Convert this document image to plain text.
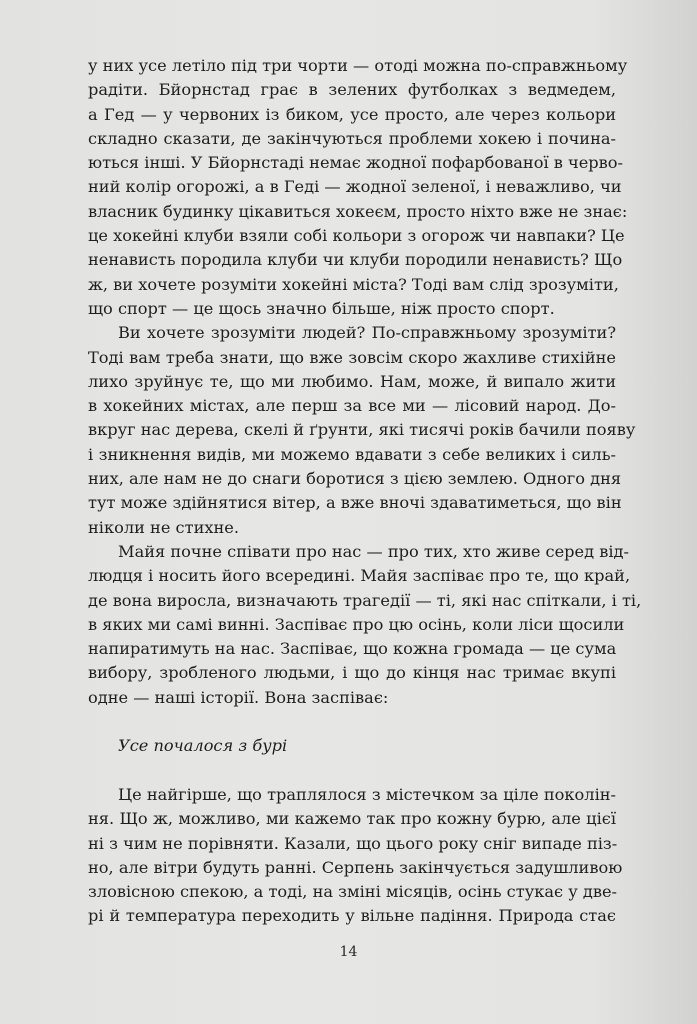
у них усе летіло під три чорти — отоді можна по-справжньому
радіти. Бйорнстад грає в зелених футболках з ведмедем,
а Гед — у червоних із биком, усе просто, але через кольори
складно сказати, де закінчуються проблеми хокею і почина-
ються інші. У Бйорнстаді немає жодної пофарбованої в черво-
ний колір огорожі, а в Геді — жодної зеленої, і неважливо, чи
власник будинку цікавиться хокеєм, просто ніхто вже не знає:
це хокейні клуби взяли собі кольори з огорож чи навпаки? Це
ненависть породила клуби чи клуби породили ненависть? Що
ж, ви хочете розуміти хокейні міста? Тоді вам слід зрозуміти,
що спорт — це щось значно більше, ніж просто спорт.
Ви хочете зрозуміти людей? По-справжньому зрозуміти?
Тоді вам треба знати, що вже зовсім скоро жахливе стихійне
лихо зруйнує те, що ми любимо. Нам, може, й випало жити
в хокейних містах, але перш за все ми — лісовий народ. До-
вкруг нас дерева, скелі й ґрунти, які тисячі років бачили появу
і зникнення видів, ми можемо вдавати з себе великих і силь-
них, але нам не до снаги боротися з цією землею. Одного дня
тут може здійнятися вітер, а вже вночі здаватиметься, що він
ніколи не стихне.
Майя почне співати про нас — про тих, хто живе серед від-
людця і носить його всередині. Майя заспіває про те, що край,
де вона виросла, визначають трагедії — ті, які нас спіткали, і ті,
в яких ми самі винні. Заспіває про цю осінь, коли ліси щосили
напиратимуть на нас. Заспіває, що кожна громада — це сума
вибору, зробленого людьми, і що до кінця нас тримає вкупі
одне — наші історії. Вона заспіває:
Усе почалося з бурі
Це найгірше, що траплялося з містечком за ціле поколін-
ня. Що ж, можливо, ми кажемо так про кожну бурю, але цієї
ні з чим не порівняти. Казали, що цього року сніг випаде піз-
но, але вітри будуть ранні. Серпень закінчується задушливою
зловісною спекою, а тоді, на зміні місяців, осінь стукає у две-
рі й температура переходить у вільне падіння. Природа стає
14
